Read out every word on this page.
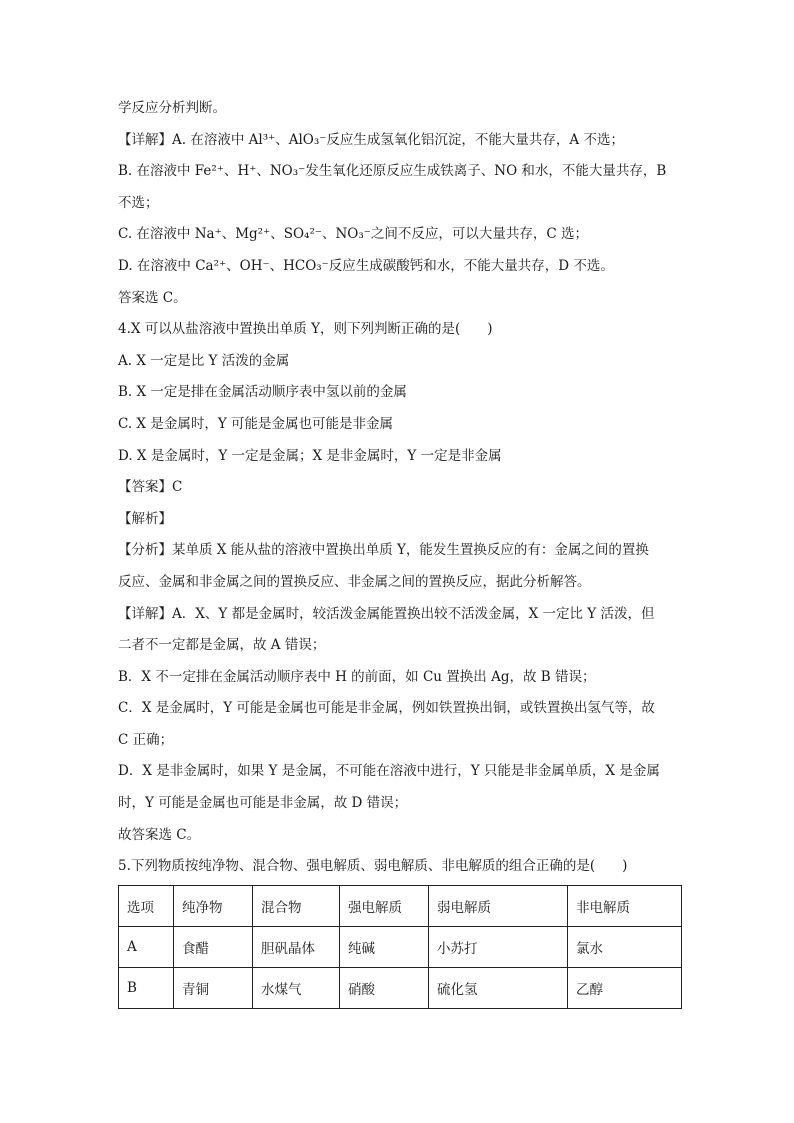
学反应分析判断。

【详解】A. 在溶液中 Al³⁺、AlO₃⁻反应生成氢氧化铝沉淀，不能大量共存，A 不选；

B. 在溶液中 Fe²⁺、H⁺、NO₃⁻发生氧化还原反应生成铁离子、NO 和水，不能大量共存，B

不选；

C. 在溶液中 Na⁺、Mg²⁺、SO₄²⁻、NO₃⁻之间不反应，可以大量共存，C 选；

D. 在溶液中 Ca²⁺、OH⁻、HCO₃⁻反应生成碳酸钙和水，不能大量共存，D 不选。

答案选 C。

4.X 可以从盐溶液中置换出单质 Y，则下列判断正确的是(　　)

A. X 一定是比 Y 活泼的金属

B. X 一定是排在金属活动顺序表中氢以前的金属

C. X 是金属时，Y 可能是金属也可能是非金属

D. X 是金属时，Y 一定是金属；X 是非金属时，Y 一定是非金属

【答案】C

【解析】

【分析】某单质 X 能从盐的溶液中置换出单质 Y，能发生置换反应的有：金属之间的置换

反应、金属和非金属之间的置换反应、非金属之间的置换反应，据此分析解答。

【详解】A．X、Y 都是金属时，较活泼金属能置换出较不活泼金属，X 一定比 Y 活泼，但

二者不一定都是金属，故 A 错误；

B．X 不一定排在金属活动顺序表中 H 的前面，如 Cu 置换出 Ag，故 B 错误；

C．X 是金属时，Y 可能是金属也可能是非金属，例如铁置换出铜，或铁置换出氢气等，故

C 正确；

D．X 是非金属时，如果 Y 是金属，不可能在溶液中进行，Y 只能是非金属单质，X 是金属

时，Y 可能是金属也可能是非金属，故 D 错误；

故答案选 C。

5.下列物质按纯净物、混合物、强电解质、弱电解质、非电解质的组合正确的是(　　)

选项	纯净物	混合物	强电解质	弱电解质	非电解质
A	食醋	胆矾晶体	纯碱	小苏打	氯水
B	青铜	水煤气	硝酸	硫化氢	乙醇
